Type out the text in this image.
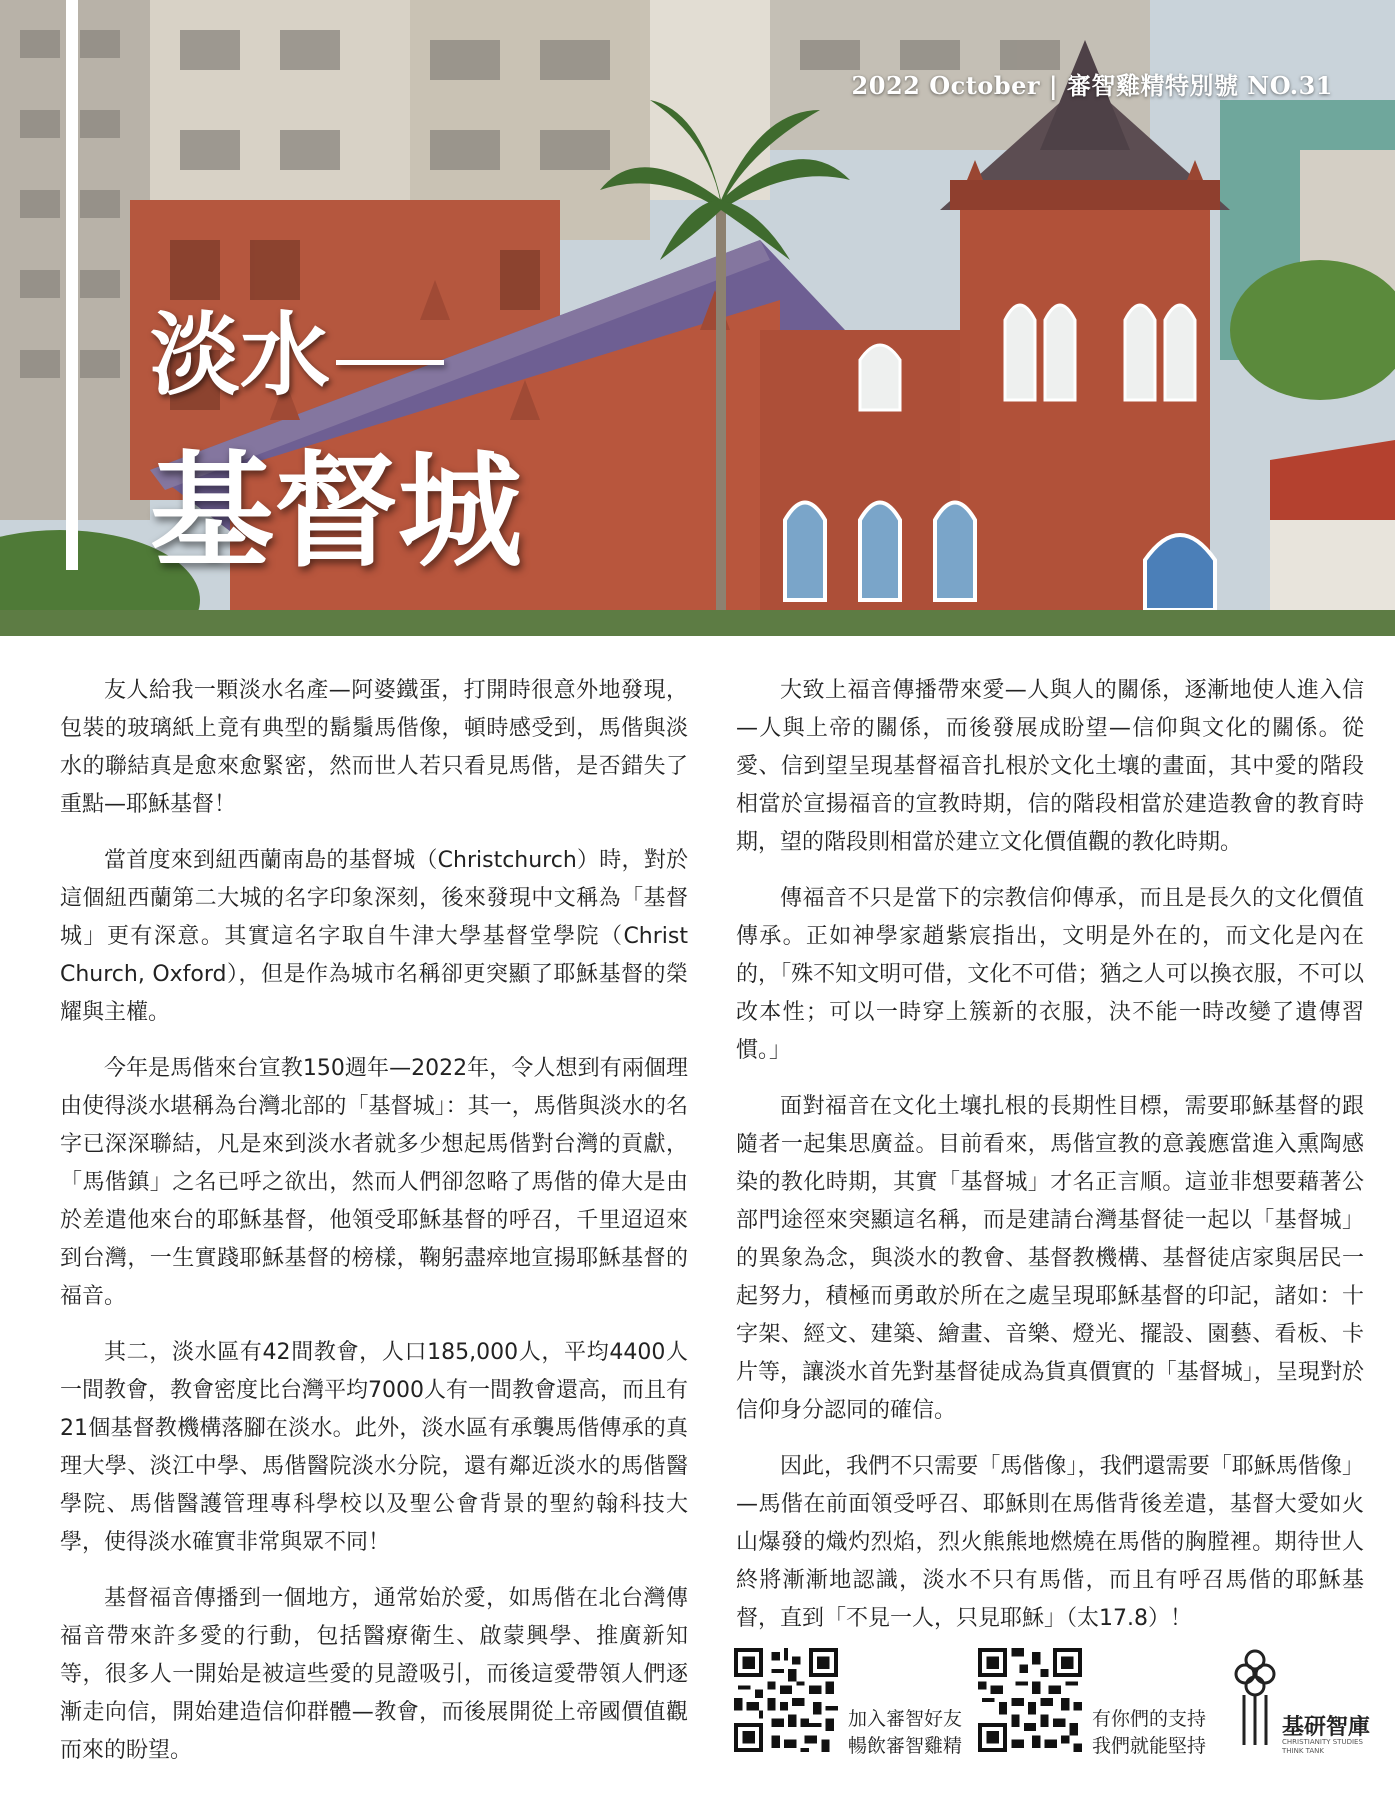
2022 October | 審智雞精特別號 NO.31
淡水
基督城

友人給我一顆淡水名產—阿婆鐵蛋，打開時很意外地發現，包裝的玻璃紙上竟有典型的鬍鬚馬偕像，頓時感受到，馬偕與淡水的聯結真是愈來愈緊密，然而世人若只看見馬偕，是否錯失了重點—耶穌基督！

當首度來到紐西蘭南島的基督城（Christchurch）時，對於這個紐西蘭第二大城的名字印象深刻，後來發現中文稱為「基督城」更有深意。其實這名字取自牛津大學基督堂學院（Christ Church, Oxford），但是作為城市名稱卻更突顯了耶穌基督的榮耀與主權。

今年是馬偕來台宣教150週年—2022年，令人想到有兩個理由使得淡水堪稱為台灣北部的「基督城」：其一，馬偕與淡水的名字已深深聯結，凡是來到淡水者就多少想起馬偕對台灣的貢獻，「馬偕鎮」之名已呼之欲出，然而人們卻忽略了馬偕的偉大是由於差遣他來台的耶穌基督，他領受耶穌基督的呼召，千里迢迢來到台灣，一生實踐耶穌基督的榜樣，鞠躬盡瘁地宣揚耶穌基督的福音。

其二，淡水區有42間教會，人口185,000人，平均4400人一間教會，教會密度比台灣平均7000人有一間教會還高，而且有21個基督教機構落腳在淡水。此外，淡水區有承襲馬偕傳承的真理大學、淡江中學、馬偕醫院淡水分院，還有鄰近淡水的馬偕醫學院、馬偕醫護管理專科學校以及聖公會背景的聖約翰科技大學，使得淡水確實非常與眾不同！

基督福音傳播到一個地方，通常始於愛，如馬偕在北台灣傳福音帶來許多愛的行動，包括醫療衛生、啟蒙興學、推廣新知等，很多人一開始是被這些愛的見證吸引，而後這愛帶領人們逐漸走向信，開始建造信仰群體—教會，而後展開從上帝國價值觀而來的盼望。

大致上福音傳播帶來愛—人與人的關係，逐漸地使人進入信—人與上帝的關係，而後發展成盼望—信仰與文化的關係。從愛、信到望呈現基督福音扎根於文化土壤的畫面，其中愛的階段相當於宣揚福音的宣教時期，信的階段相當於建造教會的教育時期，望的階段則相當於建立文化價值觀的教化時期。

傳福音不只是當下的宗教信仰傳承，而且是長久的文化價值傳承。正如神學家趙紫宸指出，文明是外在的，而文化是內在的，「殊不知文明可借，文化不可借；猶之人可以換衣服，不可以改本性；可以一時穿上簇新的衣服，決不能一時改變了遺傳習慣。」

面對福音在文化土壤扎根的長期性目標，需要耶穌基督的跟隨者一起集思廣益。目前看來，馬偕宣教的意義應當進入熏陶感染的教化時期，其實「基督城」才名正言順。這並非想要藉著公部門途徑來突顯這名稱，而是建請台灣基督徒一起以「基督城」的異象為念，與淡水的教會、基督教機構、基督徒店家與居民一起努力，積極而勇敢於所在之處呈現耶穌基督的印記，諸如：十字架、經文、建築、繪畫、音樂、燈光、擺設、園藝、看板、卡片等，讓淡水首先對基督徒成為貨真價實的「基督城」，呈現對於信仰身分認同的確信。

因此，我們不只需要「馬偕像」，我們還需要「耶穌馬偕像」—馬偕在前面領受呼召、耶穌則在馬偕背後差遣，基督大愛如火山爆發的熾灼烈焰，烈火熊熊地燃燒在馬偕的胸膛裡。期待世人終將漸漸地認識，淡水不只有馬偕，而且有呼召馬偕的耶穌基督，直到「不見一人，只見耶穌」（太17.8）！

加入審智好友
暢飲審智雞精
有你們的支持
我們就能堅持
基研智庫
CHRISTIANITY STUDIES
THINK TANK
